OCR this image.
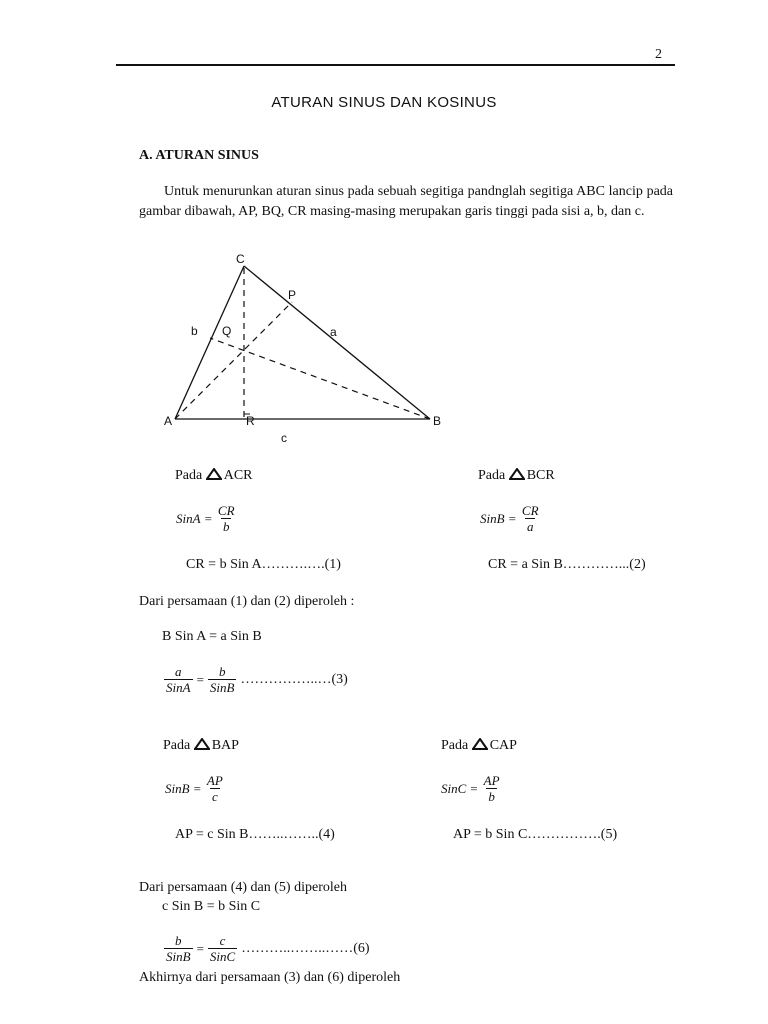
2
ATURAN SINUS DAN KOSINUS
A. ATURAN SINUS
Untuk menurunkan aturan sinus pada sebuah segitiga pandnglah segitiga ABC lancip pada gambar dibawah, AP, BQ, CR masing-masing merupakan garis tinggi pada sisi a, b, dan c.
C
P
b Q	a
A	R	B
c
Pada ACR
SinA = $\frac{CR}{b}$
CR = b Sin A……….….(1)
Pada BCR
SinB = $\frac{CR}{a}$
CR = a Sin B…………...(2)
Dari persamaan (1) dan (2) diperoleh :
B Sin A = a Sin B
$\frac{a}{\text{SinA}} = \frac{b}{\text{SinB}}$ ……………..…(3)
Pada BAP
SinB = $\frac{AP}{c}$
AP = c Sin B……..……..(4)
Pada CAP
SinC = $\frac{AP}{b}$
AP = b Sin C…………….(5)
Dari persamaan (4) dan (5) diperoleh
c Sin B = b Sin C
$\frac{b}{\text{SinB}} = \frac{c}{\text{SinC}}$ ………..……..……(6)
Akhirnya dari persamaan (3) dan (6) diperoleh
